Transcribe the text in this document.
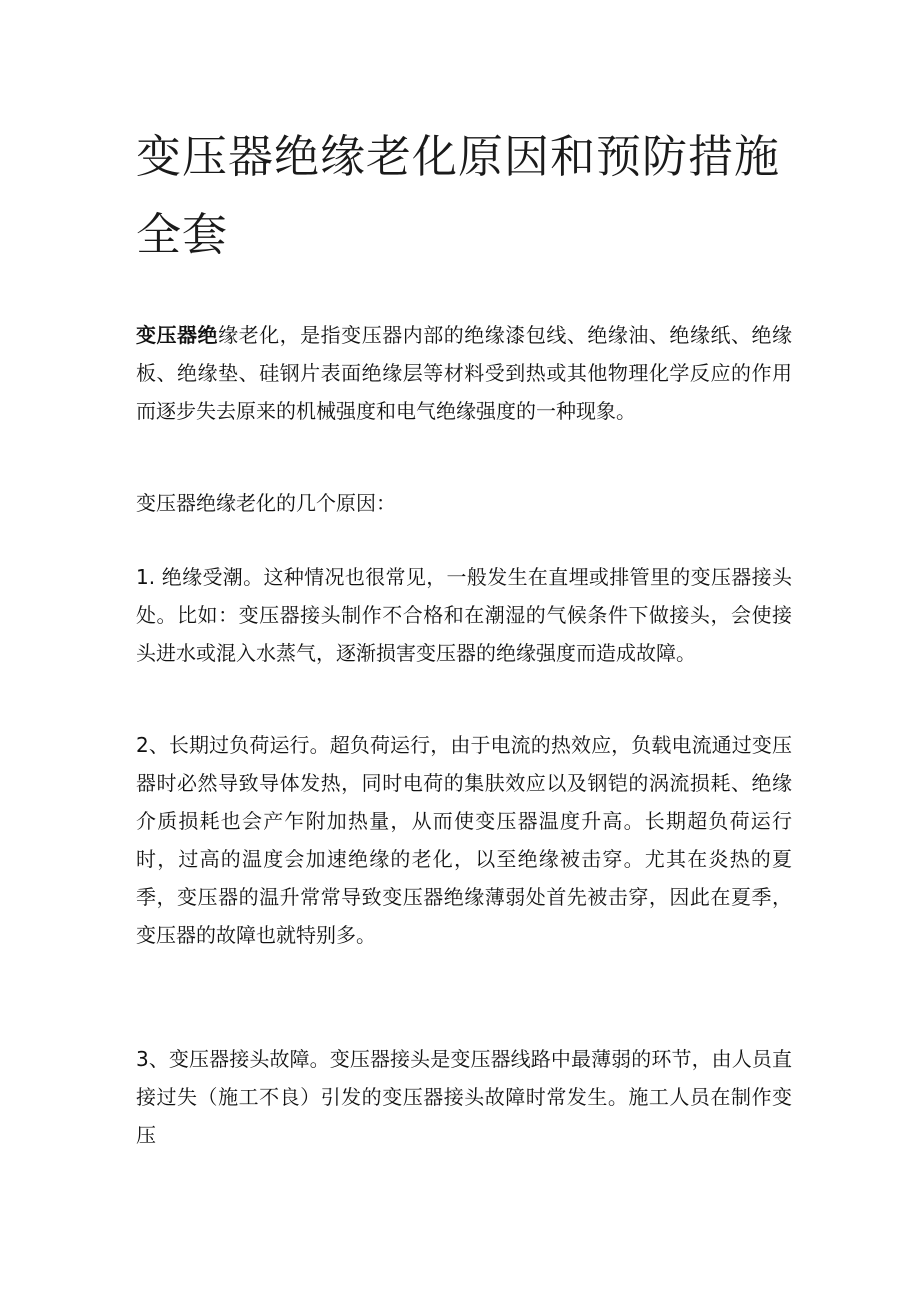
变压器绝缘老化原因和预防措施全套

变压器绝缘老化，是指变压器内部的绝缘漆包线、绝缘油、绝缘纸、绝缘板、绝缘垫、硅钢片表面绝缘层等材料受到热或其他物理化学反应的作用而逐步失去原来的机械强度和电气绝缘强度的一种现象。

变压器绝缘老化的几个原因：

1. 绝缘受潮。这种情况也很常见，一般发生在直埋或排管里的变压器接头处。比如：变压器接头制作不合格和在潮湿的气候条件下做接头，会使接头进水或混入水蒸气，逐渐损害变压器的绝缘强度而造成故障。

2、长期过负荷运行。超负荷运行，由于电流的热效应，负载电流通过变压器时必然导致导体发热，同时电荷的集肤效应以及钢铠的涡流损耗、绝缘介质损耗也会产乍附加热量，从而使变压器温度升高。长期超负荷运行时，过高的温度会加速绝缘的老化，以至绝缘被击穿。尤其在炎热的夏季，变压器的温升常常导致变压器绝缘薄弱处首先被击穿，因此在夏季，变压器的故障也就特别多。

3、变压器接头故障。变压器接头是变压器线路中最薄弱的环节，由人员直接过失（施工不良）引发的变压器接头故障时常发生。施工人员在制作变压
